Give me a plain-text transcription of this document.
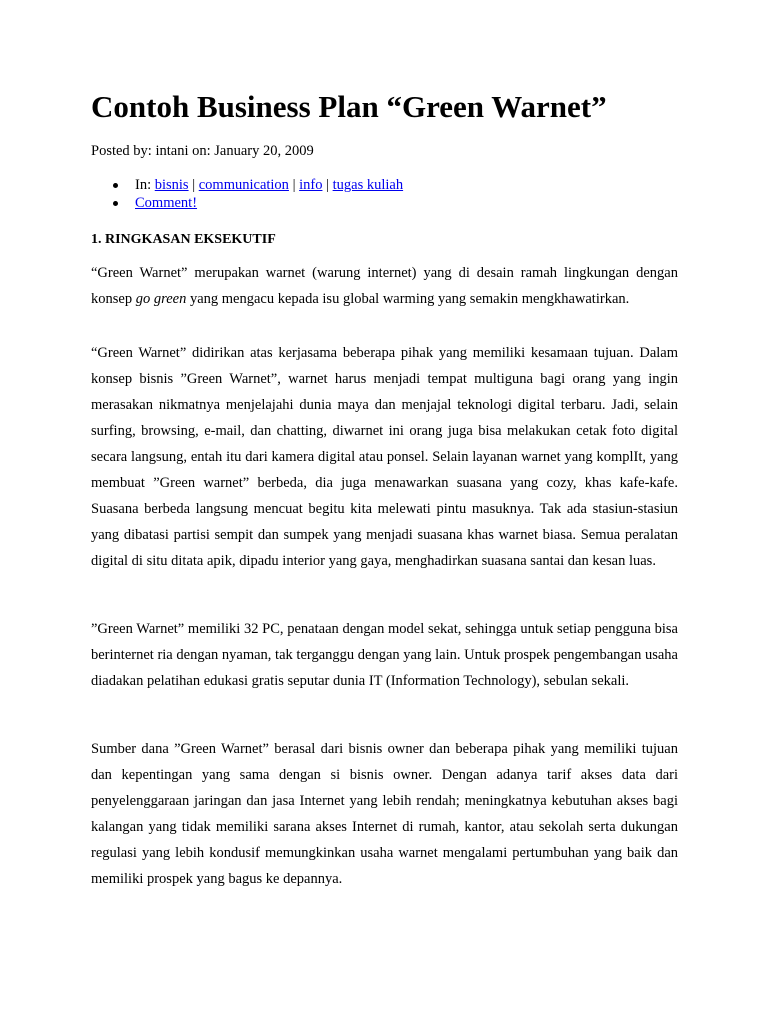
Contoh Business Plan “Green Warnet”

Posted by: intani on: January 20, 2009

In: bisnis | communication | info | tugas kuliah
Comment!
1. RINGKASAN EKSEKUTIF

“Green Warnet” merupakan warnet (warung internet) yang di desain ramah lingkungan dengan konsep go green yang mengacu kepada isu global warming yang semakin mengkhawatirkan.

“Green Warnet” didirikan atas kerjasama beberapa pihak yang memiliki kesamaan tujuan. Dalam konsep bisnis ”Green Warnet”, warnet harus menjadi tempat multiguna bagi orang yang ingin merasakan nikmatnya menjelajahi dunia maya dan menjajal teknologi digital terbaru. Jadi, selain surfing, browsing, e-mail, dan chatting, diwarnet ini orang juga bisa melakukan cetak foto digital secara langsung, entah itu dari kamera digital atau ponsel. Selain layanan warnet yang komplIt, yang membuat ”Green warnet” berbeda, dia juga menawarkan suasana yang cozy, khas kafe-kafe. Suasana berbeda langsung mencuat begitu kita melewati pintu masuknya. Tak ada stasiun-stasiun yang dibatasi partisi sempit dan sumpek yang menjadi suasana khas warnet biasa. Semua peralatan digital di situ ditata apik, dipadu interior yang gaya, menghadirkan suasana santai dan kesan luas.

”Green Warnet” memiliki 32 PC, penataan dengan model sekat, sehingga untuk setiap pengguna bisa berinternet ria dengan nyaman, tak terganggu dengan yang lain. Untuk prospek pengembangan usaha diadakan pelatihan edukasi gratis seputar dunia IT (Information Technology), sebulan sekali.

Sumber dana ”Green Warnet” berasal dari bisnis owner dan beberapa pihak yang memiliki tujuan dan kepentingan yang sama dengan si bisnis owner. Dengan adanya tarif akses data dari penyelenggaraan jaringan dan jasa Internet yang lebih rendah; meningkatnya kebutuhan akses bagi kalangan yang tidak memiliki sarana akses Internet di rumah, kantor, atau sekolah serta dukungan regulasi yang lebih kondusif memungkinkan usaha warnet mengalami pertumbuhan yang baik dan memiliki prospek yang bagus ke depannya.
